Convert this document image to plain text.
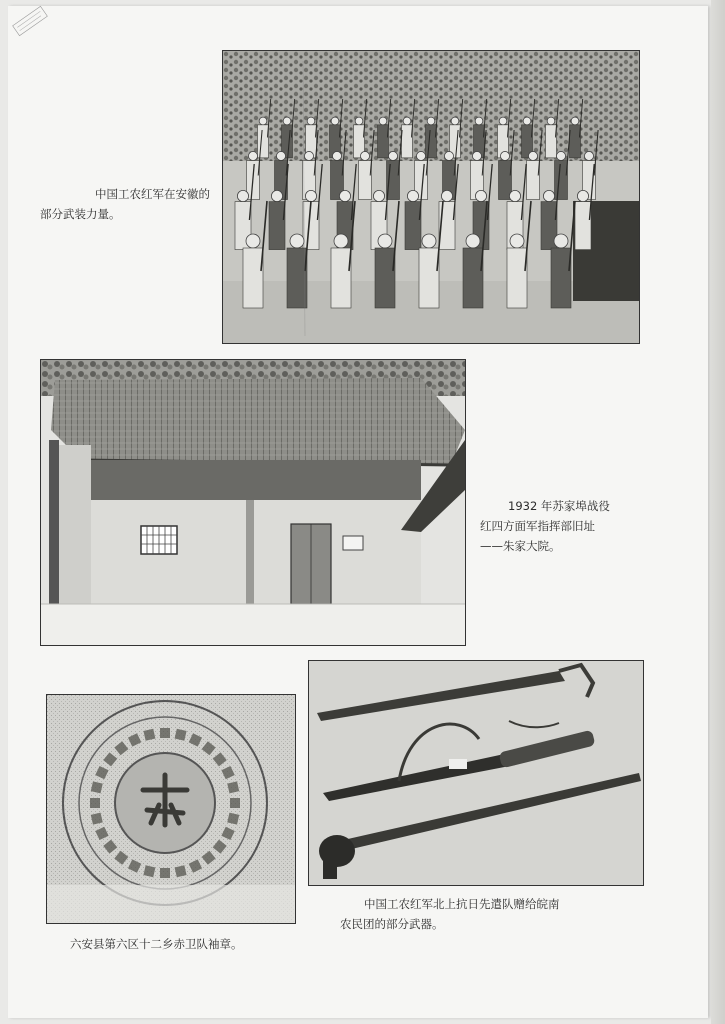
中国工农红军在安徽的
部分武装力量。
1932 年苏家埠战役
红四方面军指挥部旧址
——朱家大院。
六安县第六区十二乡赤卫队袖章。
中国工农红军北上抗日先遣队赠给皖南
农民团的部分武器。
